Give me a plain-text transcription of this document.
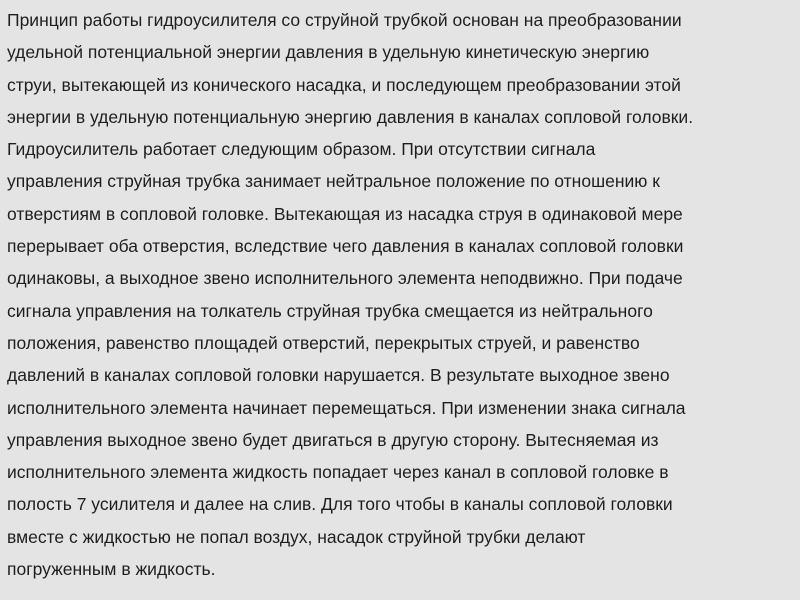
Принцип работы гидроусилителя со струйной трубкой основан на преобразовании
удельной потенциальной энергии давления в удельную кинетическую энергию
струи, вытекающей из конического насадка, и последующем преобразовании этой
энергии в удельную потенциальную энергию давления в каналах сопловой головки.
Гидроусилитель работает следующим образом. При отсутствии сигнала
управления струйная трубка занимает нейтральное положение по отношению к
отверстиям в сопловой головке. Вытекающая из насадка струя в одинаковой мере
перерывает оба отверстия, вследствие чего давления в каналах сопловой головки
одинаковы, а выходное звено исполнительного элемента неподвижно. При подаче
сигнала управления на толкатель струйная трубка смещается из нейтрального
положения, равенство площадей отверстий, перекрытых струей, и равенство
давлений в каналах сопловой головки нарушается. В результате выходное звено
исполнительного элемента начинает перемещаться. При изменении знака сигнала
управления выходное звено будет двигаться в другую сторону. Вытесняемая из
исполнительного элемента жидкость попадает через канал в сопловой головке в
полость 7 усилителя и далее на слив. Для того чтобы в каналы сопловой головки
вместе с жидкостью не попал воздух, насадок струйной трубки делают
погруженным в жидкость.
